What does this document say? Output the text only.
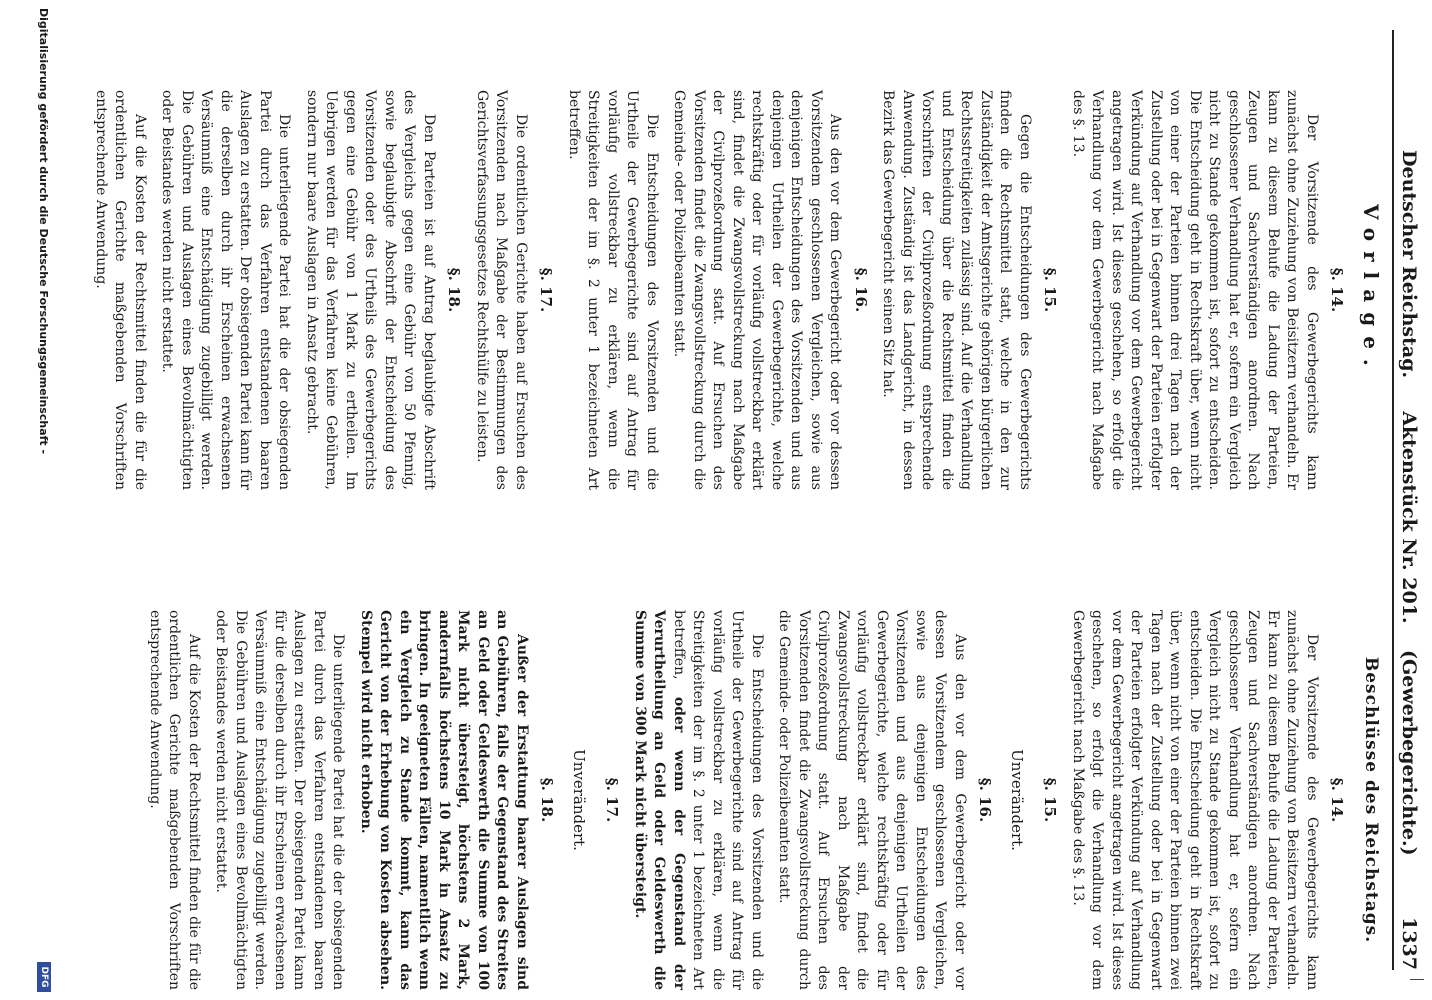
Deutscher Reichstag.     Aktenstück Nr. 201.    (Gewerbegerichte.)
1337
Vorlage.
§. 14.

Der Vorsitzende des Gewerbegerichts kann zunächst ohne Zuziehung von Beisitzern verhandeln. Er kann zu diesem Behufe die Ladung der Parteien, Zeugen und Sachverständigen anordnen. Nach geschlossener Verhandlung hat er, sofern ein Vergleich nicht zu Stande gekommen ist, sofort zu entscheiden. Die Entscheidung geht in Rechtskraft über, wenn nicht von einer der Parteien binnen drei Tagen nach der Zustellung oder bei in Gegenwart der Parteien erfolgter Verkündung auf Verhandlung vor dem Gewerbegericht angetragen wird. Ist dieses geschehen, so erfolgt die Verhandlung vor dem Gewerbegericht nach Maßgabe des §. 13.

§. 15.

Gegen die Entscheidungen des Gewerbegerichts finden die Rechtsmittel statt, welche in den zur Zuständigkeit der Amtsgerichte gehörigen bürgerlichen Rechtsstreitigkeiten zulässig sind. Auf die Verhandlung und Entscheidung über die Rechtsmittel finden die Vorschriften der Civilprozeßordnung entsprechende Anwendung. Zuständig ist das Landgericht, in dessen Bezirk das Gewerbegericht seinen Sitz hat.

§. 16.

Aus den vor dem Gewerbegericht oder vor dessen Vorsitzendem geschlossenen Vergleichen, sowie aus denjenigen Entscheidungen des Vorsitzenden und aus denjenigen Urtheilen der Gewerbegerichte, welche rechtskräftig oder für vorläufig vollstreckbar erklärt sind, findet die Zwangsvollstreckung nach Maßgabe der Civilprozeßordnung statt. Auf Ersuchen des Vorsitzenden findet die Zwangsvollstreckung durch die Gemeinde- oder Polizeibeamten statt.

Die Entscheidungen des Vorsitzenden und die Urtheile der Gewerbegerichte sind auf Antrag für vorläufig vollstreckbar zu erklären, wenn die Streitigkeiten der im §. 2 unter 1 bezeichneten Art betreffen.

§. 17.

Die ordentlichen Gerichte haben auf Ersuchen des Vorsitzenden nach Maßgabe der Bestimmungen des Gerichtsverfassungsgesetzes Rechtshülfe zu leisten.

§. 18.

Den Parteien ist auf Antrag beglaubigte Abschrift des Vergleichs gegen eine Gebühr von 50 Pfennig, sowie beglaubigte Abschrift der Entscheidung des Vorsitzenden oder des Urtheils des Gewerbegerichts gegen eine Gebühr von 1 Mark zu ertheilen. Im Uebrigen werden für das Verfahren keine Gebühren, sondern nur baare Auslagen in Ansatz gebracht.

Die unterliegende Partei hat die der obsiegenden Partei durch das Verfahren entstandenen baaren Auslagen zu erstatten. Der obsiegenden Partei kann für die derselben durch ihr Erscheinen erwachsenen Versäumniß eine Entschädigung zugebilligt werden. Die Gebühren und Auslagen eines Bevollmächtigten oder Beistandes werden nicht erstattet.

Auf die Kosten der Rechtsmittel finden die für die ordentlichen Gerichte maßgebenden Vorschriften entsprechende Anwendung.

Beschlüsse des Reichstags.
§. 14.

Der Vorsitzende des Gewerbegerichts kann zunächst ohne Zuziehung von Beisitzern verhandeln. Er kann zu diesem Behufe die Ladung der Parteien, Zeugen und Sachverständigen anordnen. Nach geschlossener Verhandlung hat er, sofern ein Vergleich nicht zu Stande gekommen ist, sofort zu entscheiden. Die Entscheidung geht in Rechtskraft über, wenn nicht von einer der Parteien binnen zwei Tagen nach der Zustellung oder bei in Gegenwart der Parteien erfolgter Verkündung auf Verhandlung vor dem Gewerbegericht angetragen wird. Ist dieses geschehen, so erfolgt die Verhandlung vor dem Gewerbegericht nach Maßgabe des §. 13.

§. 15.
Unverändert.
§. 16.

Aus den vor dem Gewerbegericht oder vor dessen Vorsitzendem geschlossenen Vergleichen, sowie aus denjenigen Entscheidungen des Vorsitzenden und aus denjenigen Urtheilen der Gewerbegerichte, welche rechtskräftig oder für vorläufig vollstreckbar erklärt sind, findet die Zwangsvollstreckung nach Maßgabe der Civilprozeßordnung statt. Auf Ersuchen des Vorsitzenden findet die Zwangsvollstreckung durch die Gemeinde- oder Polizeibeamten statt.

Die Entscheidungen des Vorsitzenden und die Urtheile der Gewerbegerichte sind auf Antrag für vorläufig vollstreckbar zu erklären, wenn die Streitigkeiten der im §. 2 unter 1 bezeichneten Art betreffen, oder wenn der Gegenstand der Verurtheilung an Geld oder Geldeswerth die Summe von 300 Mark nicht übersteigt.

§. 17.
Unverändert.
§. 18.

Außer der Erstattung baarer Auslagen sind an Gebühren, falls der Gegenstand des Streites an Geld oder Geldeswerth die Summe von 100 Mark nicht übersteigt, höchstens 2 Mark, andernfalls höchstens 10 Mark in Ansatz zu bringen. In geeigneten Fällen, namentlich wenn ein Vergleich zu Stande kommt, kann das Gericht von der Erhebung von Kosten absehen. Stempel wird nicht erhoben.

Die unterliegende Partei hat die der obsiegenden Partei durch das Verfahren entstandenen baaren Auslagen zu erstatten. Der obsiegenden Partei kann für die derselben durch ihr Erscheinen erwachsenen Versäumniß eine Entschädigung zugebilligt werden. Die Gebühren und Auslagen eines Bevollmächtigten oder Beistandes werden nicht erstattet.

Auf die Kosten der Rechtsmittel finden die für die ordentlichen Gerichte maßgebenden Vorschriften entsprechende Anwendung.

Digitalisierung gefördert durch die Deutsche Forschungsgemeinschaft -
DFG
